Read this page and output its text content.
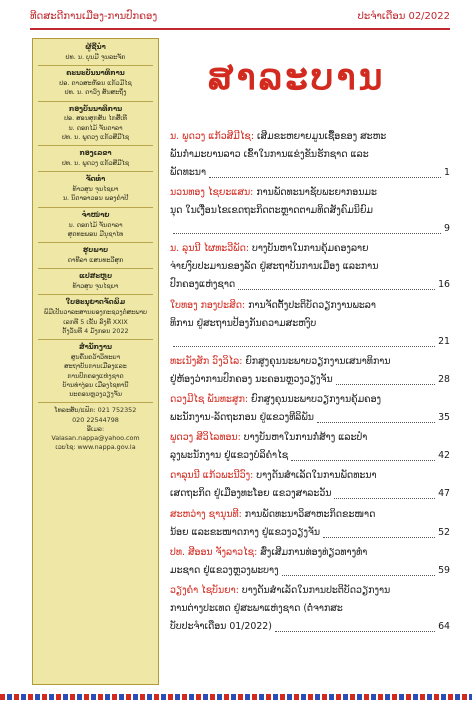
ທີດສະດີການເມືອງ-ການປົກຄອງ	ປະຈໍາເດືອນ 02/2022
ຜູ້ຊີ້ນໍາ
ປທ. ນ. ບຸນມີ ຈຸນລະຈັກ
ຄະນະບັນນາທິການ
ປອ. ດາວສະຫັອນ ແກ້ວມີໄຊ
ປທ. ນ. ດາວົງ ສັນສະຖິ່ງ
ກອງບັນນາທິການ
ປອ. ສອນສຸກສັນ ໄກສີ້ເທີ
ນ. ດອກໄມ້ ຈັນດາລາ
ປທ. ນ. ພູດວງ ແກ້ວສີມີໄຊ
ກອງເລຂາ
ປທ. ນ. ພູດວງ ແກ້ວສີມີໄຊ
ຈັດທໍາ
ທ້າວສຸນ ຈຸນໄຊຍາ
ນ. ນິດາອາວອນ ພອງຄໍາປີ
ຈໍາໜ່າຍ
ນ. ດອກໄມ້ ຈັນດາລາ
ສຸດທະພອນ ມີນຸຊາໄທ
ຮູບພາບ
ດາທີລາ ແສນທະວີສຸກ
ແປສະຫຼບ
ທ້າວສຸນ ຈຸນໄຊຍາ
ໃບອະນຸຍາດຈັດພິມ
ພິມີເປັນວາລະສານຍອງກະຊວງຕໍ່ສະພາບ
ເລກທີ 5 ເຂັ້ນ ລົງທີ XXIX
ຕັ້ງວັນທີ 4 ມັງກອນ 2022
ສໍານັກງານ
ສູນຄົ້ນຄວ້າວິທະຍາ
ສະຖາບັນການເມືອງແລະ
ການປົກຄອງແຫ່ງຊາດ
ບ້ານທ່າງ່ອນ ເມືອງໄຊທານີ
ນະຄອນຫຼວງວຽງຈັນ
ໂທລະສັບ/ແຟັກ: 021 752352
020 22544798
ອີເມລ:
Valasan.nappa@yahoo.com
ເວບໄຊ: www.nappa.gov.la
ສາລະບານ
ນ. ພູດວງ ແກ້ວສີມີໄຊ: ເສີມຂະຫຍາຍມູນເຊື້ອຂອງ ສະຫະ
ພັນກໍາມະບານລາວ ເຂົ້າໃນການແຂ່ງຂັນຮັກຊາດ ແລະ
ພັດທະນາ	1
ນວນທອງ ໄຊຍະແສນ: ການພັດທະນາຊັບພະຍາກອນມະ
ນຸດ ໃນເງື່ອນໄຂເຂດຖະກິດຕະຫຼາດຕາມທິດສັງຄົມນິຍົມ
9
ນ. ລຸນນີ ໄຜທະວີພັດ: ບາງບັນຫາໃນການຄຸ້ມຄອງລາຍ
ຈ່າຍງົບປະມານຂອງລັດ ຢູ່ສະຖາບັນການເມືອງ ແລະການ
ປົກຄອງແຫ່ງຊາດ	16
ໃບທອງ ກອງປະສິດ: ການຈັດຕັ້ງປະຕິບັດວຽກງານພະລາ
ທິການ ຢູ່ສະຖານປ້ອງກັນຄວາມສະຫງົບ
21
ທະເນັງສັກ ວົງວິໄລ: ຍົກສູງຄຸນນະພາບວຽກງານເສນາທິການ
ຢູ່ຫ້ອງວ່າການປົກຄອງ ນະຄອນຫຼວງວຽງຈັນ	28
ດວງມີໄຊ ພັນທະສູກ: ຍົກສູງຄຸນນະພາບວຽກງານຄຸ້ມຄອງ
ພະນັກງານ-ລັດຖະກອນ ຢູ່ແຂວງທີລິພັນ	35
ພູດວງ ສີວິໄລທອນ: ບາງບັນຫາໃນການກໍ່ສ້າງ ແລະປໍາ
ລຸງພະນັກງານ ຢູ່ແຂວງບໍລິຄໍາໄຊ	42
ດາລຸນນີ ແກ້ວພະນີວົງ: ບາງດັນສໍາເລັດໃນການພັດທະນາ
ເສດຖະກິດ ຢູ່ເມືອງທະໂອຍ ແຂວງສາລະວັນ	47
ສະຫວ່າງ ຊານຸນທີ: ການພັດທະນາວິສາຫະກິດຂະໜາດ
ນ້ອຍ ແລະຂະໜາດກາງ ຢູ່ແຂວງວຽງຈັນ	52
ປທ. ສີອອນ ຈັງລາວໄຊ: ສົ່ງເສີມການທ່ອງທ່ຽວທາງທໍາ
ມະຊາດ ຢູ່ແຂວງຫຼວງພະບາງ	59
ວຽງຄໍາ ໄຊບັນຍາ: ບາງດັນສໍາເລັດໃນການປະຕິບັດວຽກງານ
ການຕ່າງປະເທດ ຢູ່ສະພາແຫ່ງຊາດ (ຕໍ່ຈາກສະ
ບັບປະຈໍາເດືອນ 01/2022)	64
